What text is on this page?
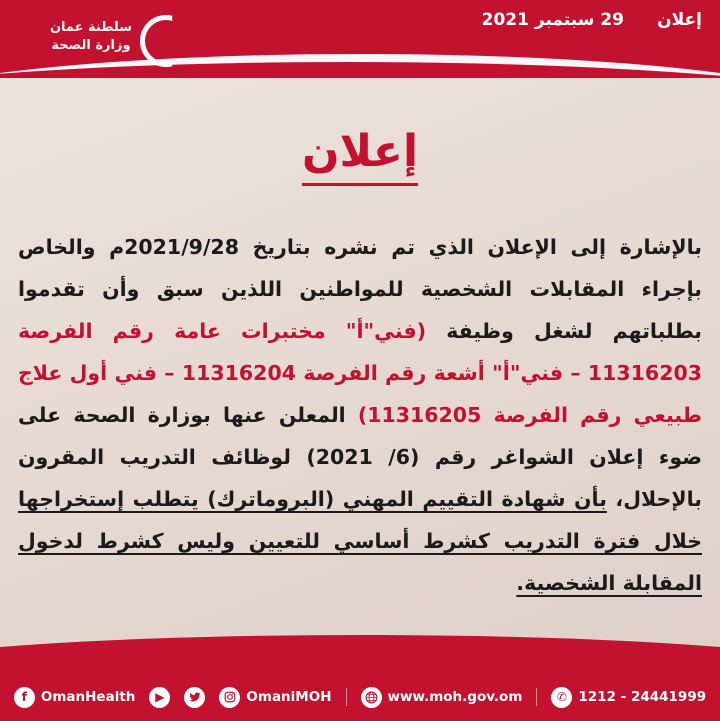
29 سبتمبر 2021 إعلان
سلطنة عمان
وزارة الصحة
إعلان

بالإشارة إلى الإعلان الذي تم نشره بتاريخ 2021/9/28م والخاص بإجراء المقابلات الشخصية للمواطنين اللذين سبق وأن تقدموا بطلباتهم لشغل وظيفة (فني"أ" مختبرات عامة رقم الفرصة 11316203 – فني"أ" أشعة رقم الفرصة 11316204 – فني أول علاج طبيعي رقم الفرصة 11316205) المعلن عنها بوزارة الصحة على ضوء إعلان الشواغر رقم (6/ 2021) لوظائف التدريب المقرون بالإحلال، بأن شهادة التقييم المهني (البروماترك) يتطلب إستخراجها خلال فترة التدريب كشرط أساسي للتعيين وليس كشرط لدخول المقابلة الشخصية.

f	OmanHealth	▶	OmaniMOH	www.moh.gov.om	✆ 1212 - 24441999
